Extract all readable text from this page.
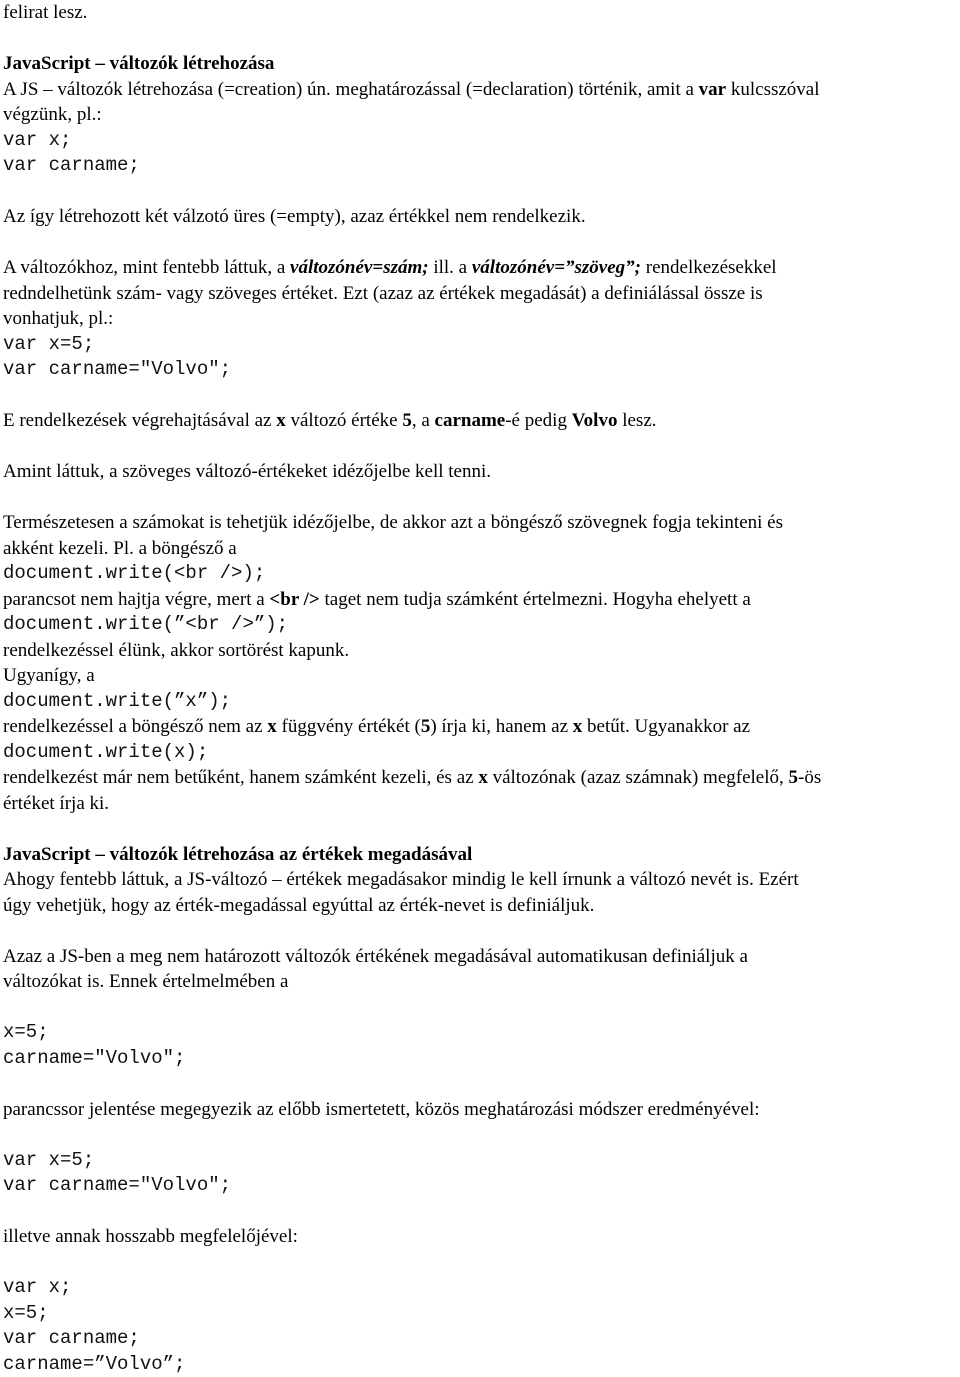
felirat lesz.

JavaScript – változók létrehozása

A JS – változók létrehozása (=creation) ún. meghatározással (=declaration) történik, amit a var kulcsszóval

végzünk, pl.:

var x;

var carname;

Az így létrehozott két válzotó üres (=empty), azaz értékkel nem rendelkezik.

A változókhoz, mint fentebb láttuk, a változónév=szám; ill. a változónév=”szöveg”; rendelkezésekkel

redndelhetünk szám- vagy szöveges értéket. Ezt (azaz az értékek megadását) a definiálással össze is

vonhatjuk, pl.:

var x=5;

var carname="Volvo";

E rendelkezések végrehajtásával az x változó értéke 5, a carname-é pedig Volvo lesz.

Amint láttuk, a szöveges változó-értékeket idézőjelbe kell tenni.

Természetesen a számokat is tehetjük idézőjelbe, de akkor azt a böngésző szövegnek fogja tekinteni és

akként kezeli. Pl. a böngésző a

document.write(<br />);

parancsot nem hajtja végre, mert a <br /> taget nem tudja számként értelmezni. Hogyha ehelyett a

document.write(”<br />”);

rendelkezéssel élünk, akkor sortörést kapunk.

Ugyanígy, a

document.write(”x”);

rendelkezéssel a böngésző nem az x függvény értékét (5) írja ki, hanem az x betűt. Ugyanakkor az

document.write(x);

rendelkezést már nem betűként, hanem számként kezeli, és az x változónak (azaz számnak) megfelelő, 5-ös

értéket írja ki.

JavaScript – változók létrehozása az értékek megadásával

Ahogy fentebb láttuk, a JS-változó – értékek megadásakor mindig le kell írnunk a változó nevét is. Ezért

úgy vehetjük, hogy az érték-megadással egyúttal az érték-nevet is definiáljuk.

Azaz a JS-ben a meg nem határozott változók értékének megadásával automatikusan definiáljuk a

változókat is. Ennek értelmelmében a

x=5;

carname="Volvo";

parancssor jelentése megegyezik az előbb ismertetett, közös meghatározási módszer eredményével:

var x=5;

var carname="Volvo";

illetve annak hosszabb megfelelőjével:

var x;

x=5;

var carname;

carname=”Volvo”;
